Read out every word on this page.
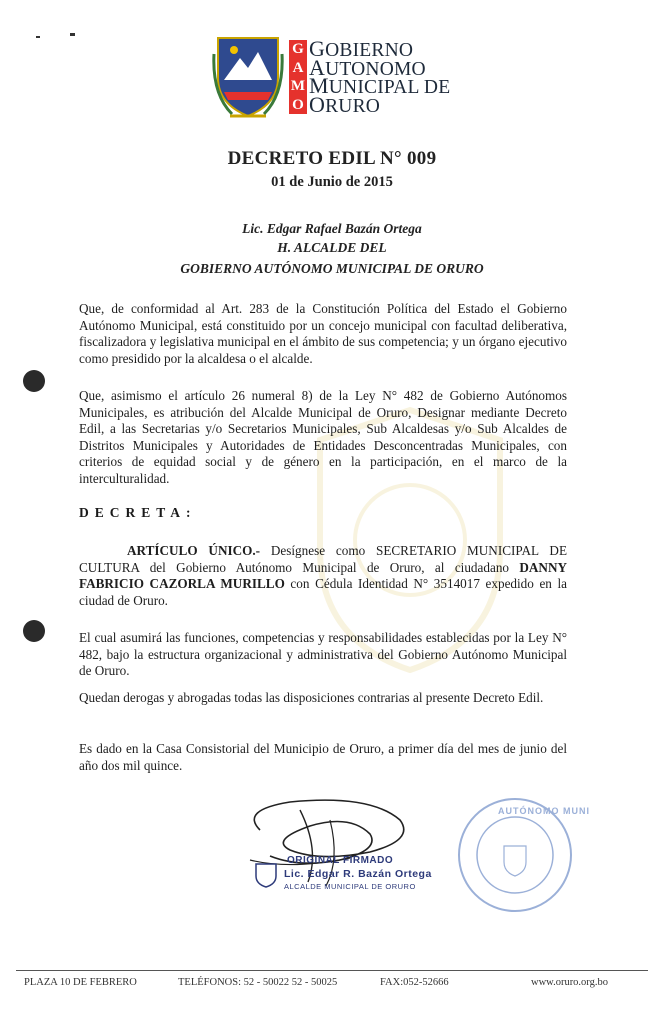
G
A
M
O
GOBIERNO
AUTONOMO
MUNICIPAL DE
ORURO
DECRETO EDIL N° 009
01 de Junio de 2015
Lic. Edgar Rafael Bazán Ortega
H. ALCALDE DEL
GOBIERNO AUTÓNOMO MUNICIPAL DE ORURO
Que, de conformidad al Art. 283 de la Constitución Política del Estado el Gobierno Autónomo Municipal, está constituido por un concejo municipal con facultad deliberativa, fiscalizadora y legislativa municipal en el ámbito de sus competencia; y un órgano ejecutivo como presidido por la alcaldesa o el alcalde.
Que, asimismo el artículo 26 numeral 8) de la Ley N° 482 de Gobierno Autónomos Municipales, es atribución del Alcalde Municipal de Oruro, Designar mediante Decreto Edil, a las Secretarias y/o Secretarios Municipales, Sub Alcaldesas y/o Sub Alcaldes de Distritos Municipales y Autoridades de Entidades Desconcentradas Municipales, con criterios de equidad social y de género en la participación, en el marco de la interculturalidad.
DECRETA:
ARTÍCULO ÚNICO.- Desígnese como SECRETARIO MUNICIPAL DE CULTURA del Gobierno Autónomo Municipal de Oruro, al ciudadano DANNY FABRICIO CAZORLA MURILLO con Cédula Identidad N° 3514017 expedido en la ciudad de Oruro.
El cual asumirá las funciones, competencias y responsabilidades establecidas por la Ley N° 482, bajo la estructura organizacional y administrativa del Gobierno Autónomo Municipal de Oruro.
Quedan derogas y abrogadas todas las disposiciones contrarias al presente Decreto Edil.
Es dado en la Casa Consistorial del Municipio de Oruro, a primer día del mes de junio del año dos mil quince.
ORIGINAL FIRMADO
Lic. Edgar R. Bazán Ortega
ALCALDE MUNICIPAL DE ORURO
AUTÓNOMO MUNI
PLAZA 10 DE FEBRERO	TELÉFONOS: 52 - 50022 52 - 50025	FAX:052-52666	www.oruro.org.bo
